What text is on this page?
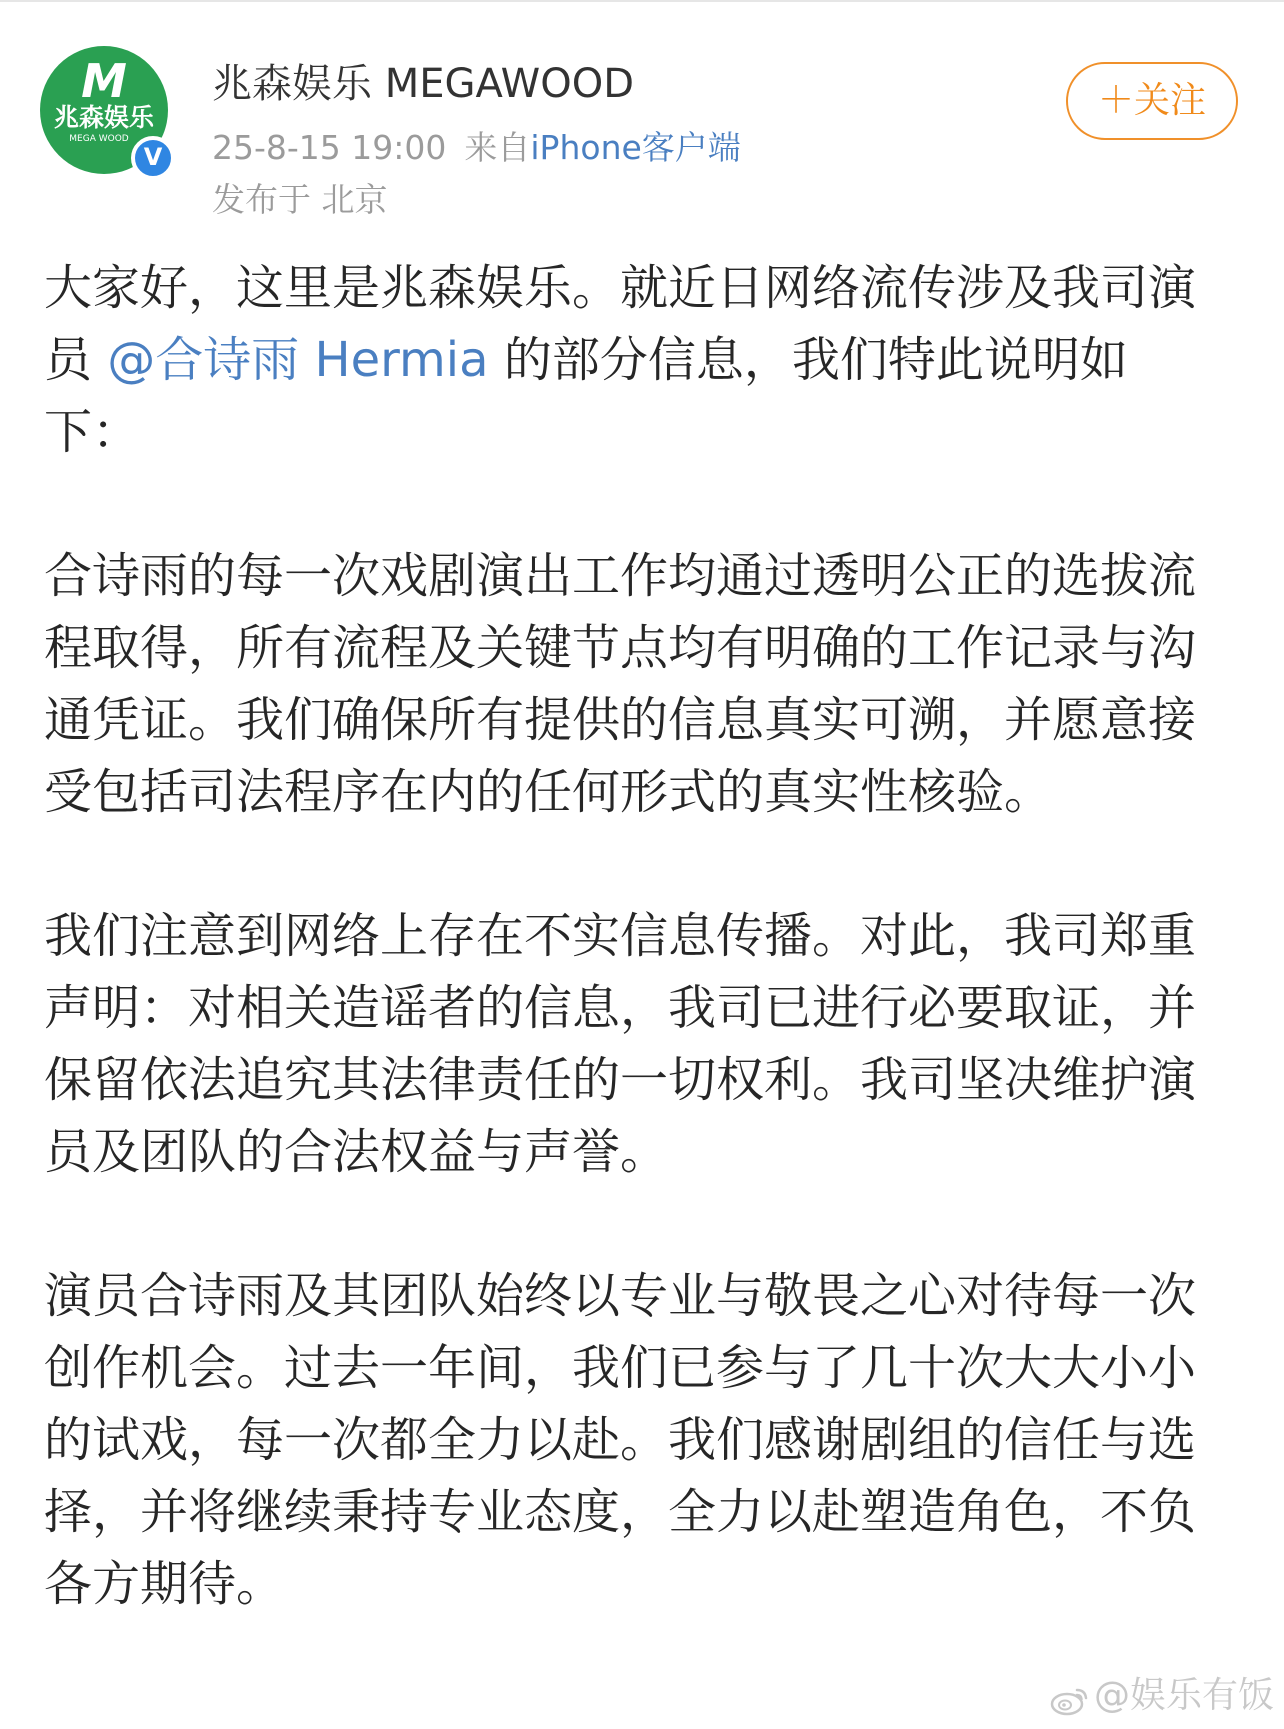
M
兆森娱乐
MEGA WOOD
V
兆森娱乐 MEGAWOOD
25-8-15 19:00 来自iPhone客户端
发布于 北京
＋关注

大家好，这里是兆森娱乐。就近日网络流传涉及我司演员 @合诗雨 Hermia 的部分信息，我们特此说明如下：

合诗雨的每一次戏剧演出工作均通过透明公正的选拔流程取得，所有流程及关键节点均有明确的工作记录与沟通凭证。我们确保所有提供的信息真实可溯，并愿意接受包括司法程序在内的任何形式的真实性核验。

我们注意到网络上存在不实信息传播。对此，我司郑重声明：对相关造谣者的信息，我司已进行必要取证，并保留依法追究其法律责任的一切权利。我司坚决维护演员及团队的合法权益与声誉。

演员合诗雨及其团队始终以专业与敬畏之心对待每一次创作机会。过去一年间，我们已参与了几十次大大小小的试戏，每一次都全力以赴。我们感谢剧组的信任与选择，并将继续秉持专业态度，全力以赴塑造角色，不负各方期待。

@娱乐有饭
